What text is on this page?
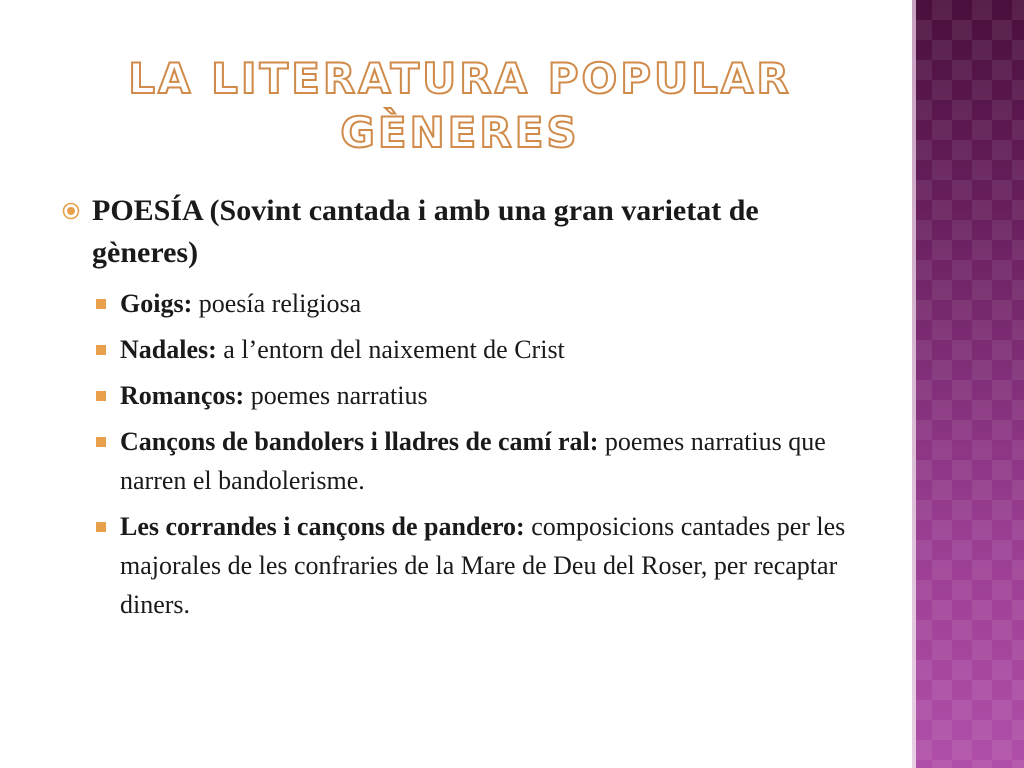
LA LITERATURA POPULAR
GÈNERES
POESÍA (Sovint cantada i amb una gran varietat de gèneres)
Goigs: poesía religiosa
Nadales: a l’entorn del naixement de Crist
Romanços: poemes narratius
Cançons de bandolers i lladres de camí ral: poemes narratius que narren el bandolerisme.
Les corrandes i cançons de pandero: composicions cantades per les majorales de les confraries de la Mare de Deu del Roser, per recaptar diners.
